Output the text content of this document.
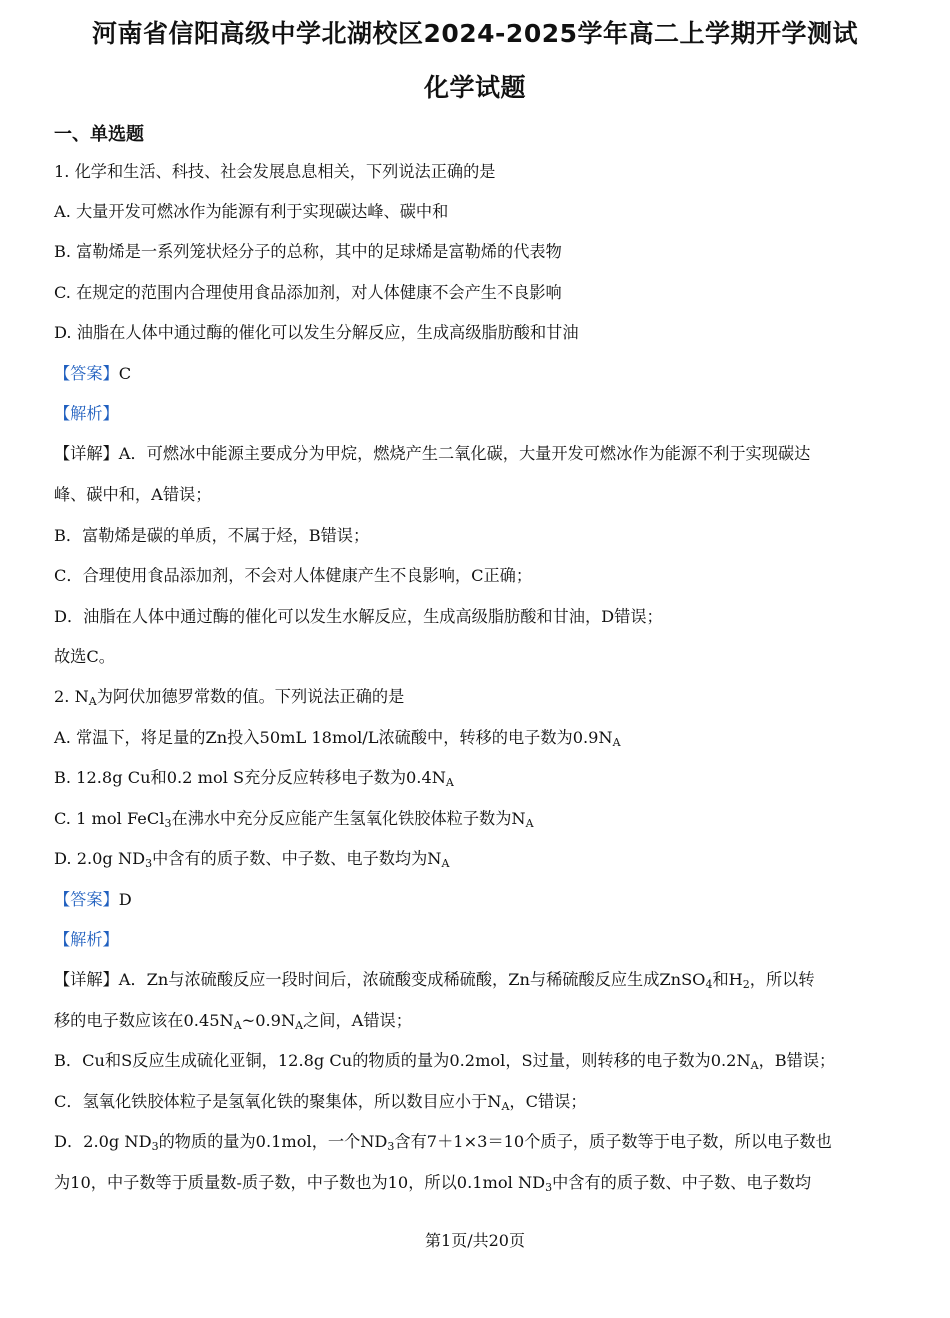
河南省信阳高级中学北湖校区2024-2025学年高二上学期开学测试
化学试题
一、单选题
1. 化学和生活、科技、社会发展息息相关，下列说法正确的是
A. 大量开发可燃冰作为能源有利于实现碳达峰、碳中和
B. 富勒烯是一系列笼状烃分子的总称，其中的足球烯是富勒烯的代表物
C. 在规定的范围内合理使用食品添加剂，对人体健康不会产生不良影响
D. 油脂在人体中通过酶的催化可以发生分解反应，生成高级脂肪酸和甘油
【答案】C
【解析】
【详解】A．可燃冰中能源主要成分为甲烷，燃烧产生二氧化碳，大量开发可燃冰作为能源不利于实现碳达
峰、碳中和，A错误；
B．富勒烯是碳的单质，不属于烃，B错误；
C．合理使用食品添加剂，不会对人体健康产生不良影响，C正确；
D．油脂在人体中通过酶的催化可以发生水解反应，生成高级脂肪酸和甘油，D错误；
故选C。
2. $N_A$为阿伏加德罗常数的值。下列说法正确的是
A. 常温下，将足量的Zn投入50mL 18mol/L浓硫酸中，转移的电子数为$0.9N_A$
B. 12.8g Cu和0.2 mol S充分反应转移电子数为$0.4N_A$
C. 1 mol FeCl$_3$在沸水中充分反应能产生氢氧化铁胶体粒子数为$N_A$
D. 2.0g $ND_3$中含有的质子数、中子数、电子数均为$N_A$
【答案】D
【解析】
【详解】A．Zn与浓硫酸反应一段时间后，浓硫酸变成稀硫酸，Zn与稀硫酸反应生成ZnSO$_4$和$H_2$，所以转
移的电子数应该在$0.45N_A\sim 0.9N_A$之间，A错误；
B．Cu和S反应生成硫化亚铜，12.8g Cu的物质的量为0.2mol，S过量，则转移的电子数为$0.2N_A$，B错误；
C．氢氧化铁胶体粒子是氢氧化铁的聚集体，所以数目应小于$N_A$，C错误；
D．2.0g $ND_3$的物质的量为0.1mol，一个$ND_3$含有7＋1×3＝10个质子，质子数等于电子数，所以电子数也
为10，中子数等于质量数-质子数，中子数也为10，所以0.1mol $ND_3$中含有的质子数、中子数、电子数均
第1页/共20页
